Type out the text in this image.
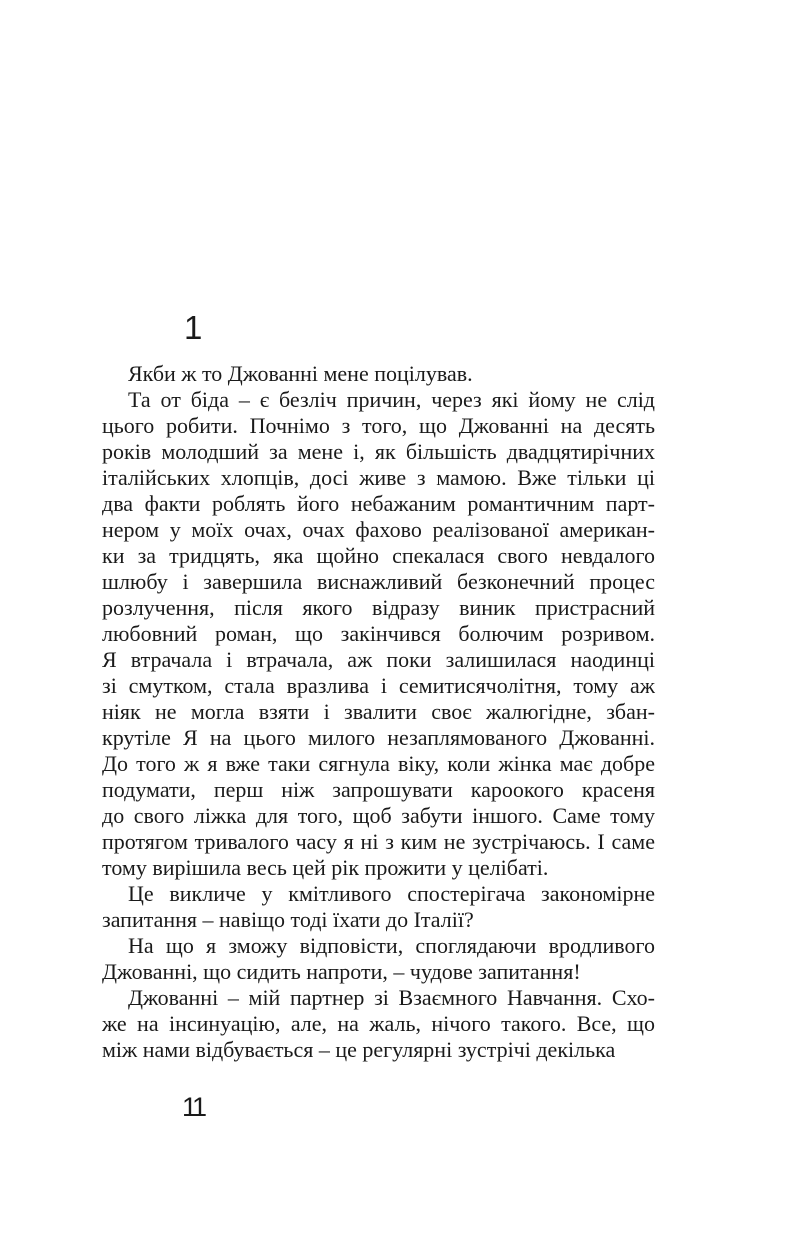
1
Якби ж то Джованні мене поцілував.
Та от біда – є безліч причин, через які йому не слід
цього робити. Почнімо з того, що Джованні на десять
років молодший за мене і, як більшість двадцятирічних
італійських хлопців, досі живе з мамою. Вже тільки ці
два факти роблять його небажаним романтичним парт-
нером у моїх очах, очах фахово реалізованої американ-
ки за тридцять, яка щойно спекалася свого невдалого
шлюбу і завершила виснажливий безконечний процес
розлучення, після якого відразу виник пристрасний
любовний роман, що закінчився болючим розривом.
Я втрачала і втрачала, аж поки залишилася наодинці
зі смутком, стала вразлива і семитисячолітня, тому аж
ніяк не могла взяти і звалити своє жалюгідне, збан-
крутіле Я на цього милого незаплямованого Джованні.
До того ж я вже таки сягнула віку, коли жінка має добре
подумати, перш ніж запрошувати кароокого красеня
до свого ліжка для того, щоб забути іншого. Саме тому
протягом тривалого часу я ні з ким не зустрічаюсь. І саме
тому вирішила весь цей рік прожити у целібаті.
Це викличе у кмітливого спостерігача закономірне
запитання – навіщо тоді їхати до Італії?
На що я зможу відповісти, споглядаючи вродливого
Джованні, що сидить напроти, – чудове запитання!
Джованні – мій партнер зі Взаємного Навчання. Схо-
же на інсинуацію, але, на жаль, нічого такого. Все, що
між нами відбувається – це регулярні зустрічі декілька
11
